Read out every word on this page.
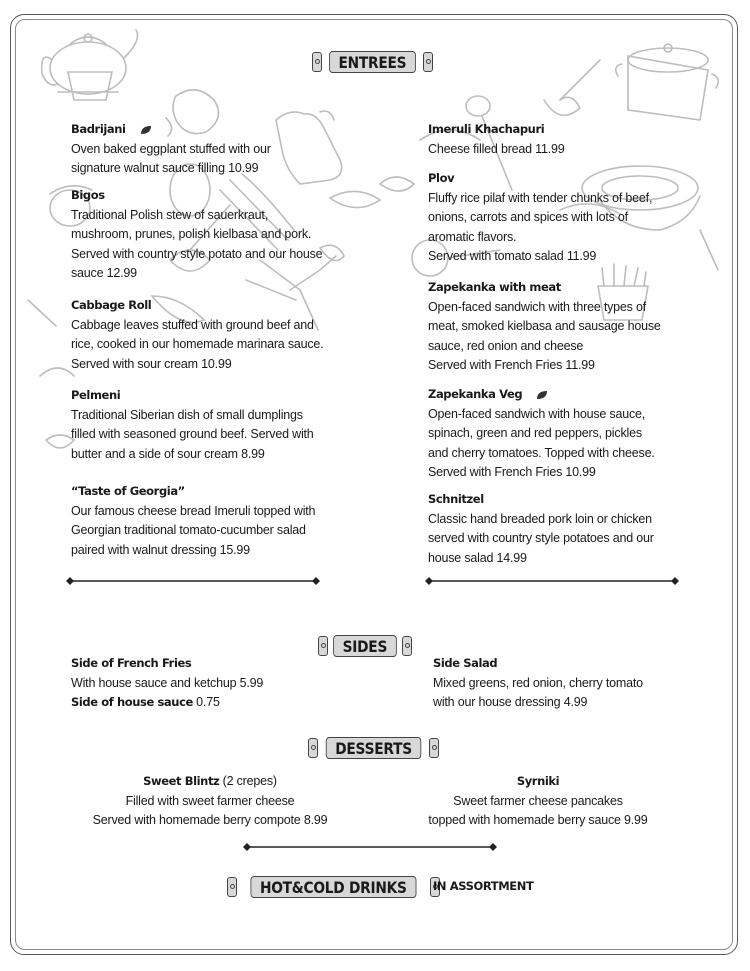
ENTREES
Badrijani
Oven baked eggplant stuffed with our
signature walnut sauce filling 10.99
Bigos
Traditional Polish stew of sauerkraut,
mushroom, prunes, polish kielbasa and pork.
Served with country style potato and our house
sauce 12.99
Cabbage Roll
Cabbage leaves stuffed with ground beef and
rice, cooked in our homemade marinara sauce.
Served with sour cream 10.99
Pelmeni
Traditional Siberian dish of small dumplings
filled with seasoned ground beef. Served with
butter and a side of sour cream 8.99
“Taste of Georgia”
Our famous cheese bread Imeruli topped with
Georgian traditional tomato-cucumber salad
paired with walnut dressing 15.99
Imeruli Khachapuri
Cheese filled bread 11.99
Plov
Fluffy rice pilaf with tender chunks of beef,
onions, carrots and spices with lots of
aromatic flavors.
Served with tomato salad 11.99
Zapekanka with meat
Open-faced sandwich with three types of
meat, smoked kielbasa and sausage house
sauce, red onion and cheese
Served with French Fries 11.99
Zapekanka Veg
Open-faced sandwich with house sauce,
spinach, green and red peppers, pickles
and cherry tomatoes. Topped with cheese.
Served with French Fries 10.99
Schnitzel
Classic hand breaded pork loin or chicken
served with country style potatoes and our
house salad 14.99
SIDES
Side of French Fries
With house sauce and ketchup 5.99
Side of house sauce 0.75
Side Salad
Mixed greens, red onion, cherry tomato
with our house dressing 4.99
DESSERTS
Sweet Blintz (2 crepes)
Filled with sweet farmer cheese
Served with homemade berry compote 8.99
Syrniki
Sweet farmer cheese pancakes
topped with homemade berry sauce 9.99
HOT&COLD DRINKS	IN ASSORTMENT
